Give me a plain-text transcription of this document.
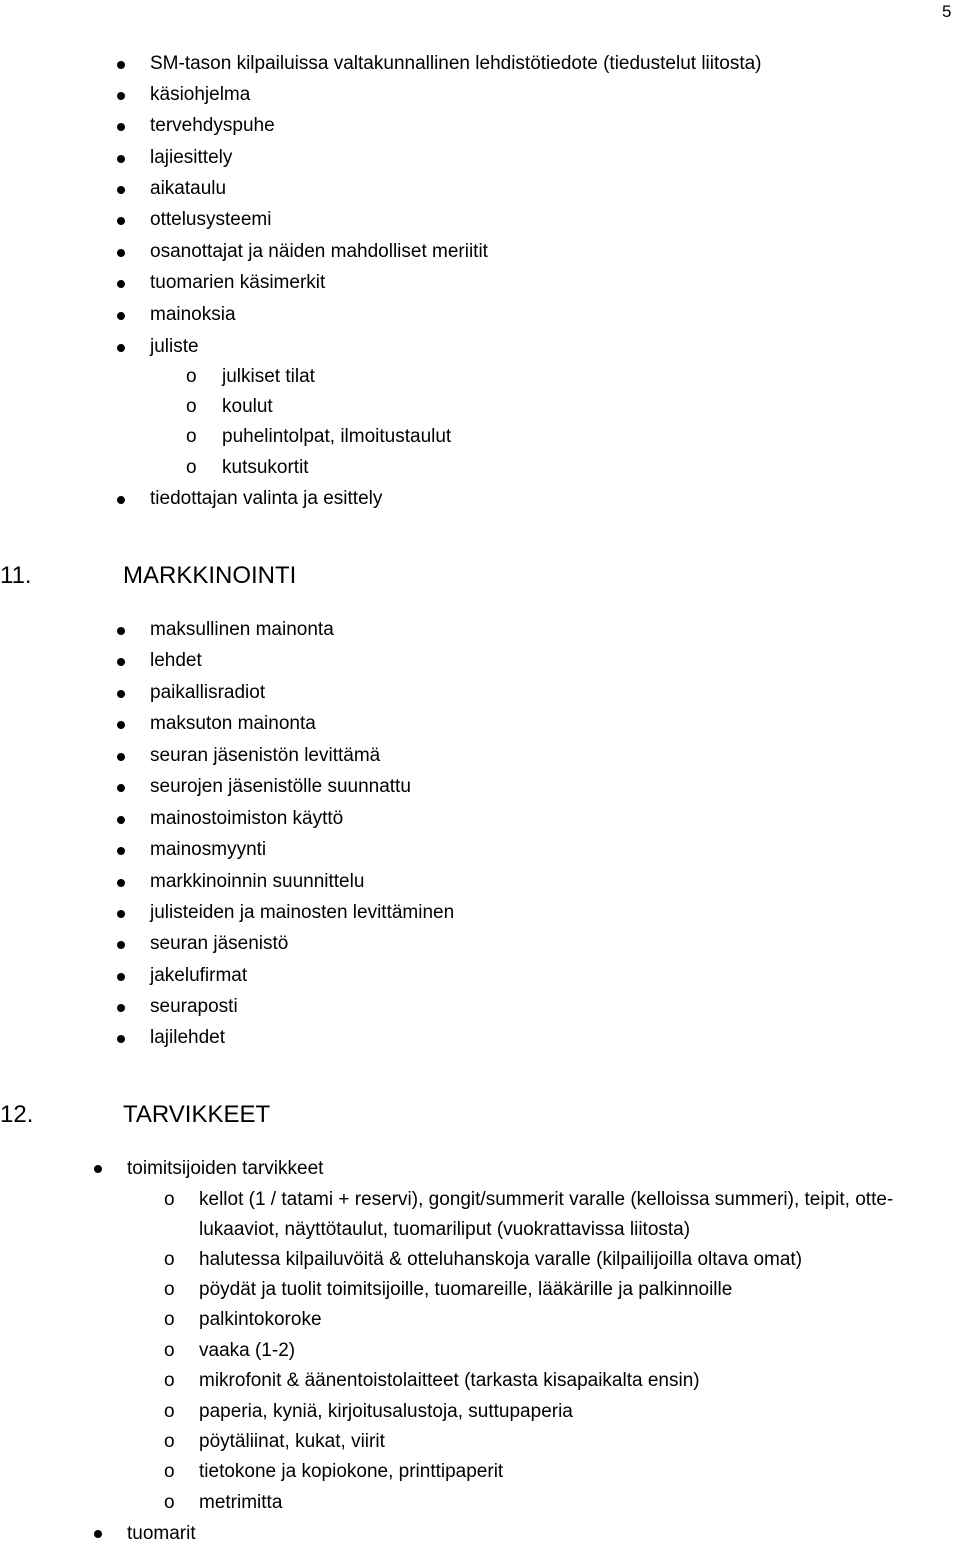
5
SM-tason kilpailuissa valtakunnallinen lehdistötiedote (tiedustelut liitosta)
käsiohjelma
tervehdyspuhe
lajiesittely
aikataulu
ottelusysteemi
osanottajat ja näiden mahdolliset meriitit
tuomarien käsimerkit
mainoksia
juliste
o julkiset tilat
o koulut
o puhelintolpat, ilmoitustaulut
o kutsukortit
tiedottajan valinta ja esittely
11.	MARKKINOINTI
maksullinen mainonta
lehdet
paikallisradiot
maksuton mainonta
seuran jäsenistön levittämä
seurojen jäsenistölle suunnattu
mainostoimiston käyttö
mainosmyynti
markkinoinnin suunnittelu
julisteiden ja mainosten levittäminen
seuran jäsenistö
jakelufirmat
seuraposti
lajilehdet
12.	TARVIKKEET
toimitsijoiden tarvikkeet
o kellot (1 / tatami + reservi), gongit/summerit varalle (kelloissa summeri), teipit, otte-
lukaaviot, näyttötaulut, tuomariliput (vuokrattavissa liitosta)
o halutessa kilpailuvöitä & otteluhanskoja varalle (kilpailijoilla oltava omat)
o pöydät ja tuolit toimitsijoille, tuomareille, lääkärille ja palkinnoille
o palkintokoroke
o vaaka (1-2)
o mikrofonit & äänentoistolaitteet (tarkasta kisapaikalta ensin)
o paperia, kyniä, kirjoitusalustoja, suttupaperia
o pöytäliinat, kukat, viirit
o tietokone ja kopiokone, printtipaperit
o metrimitta
tuomarit
